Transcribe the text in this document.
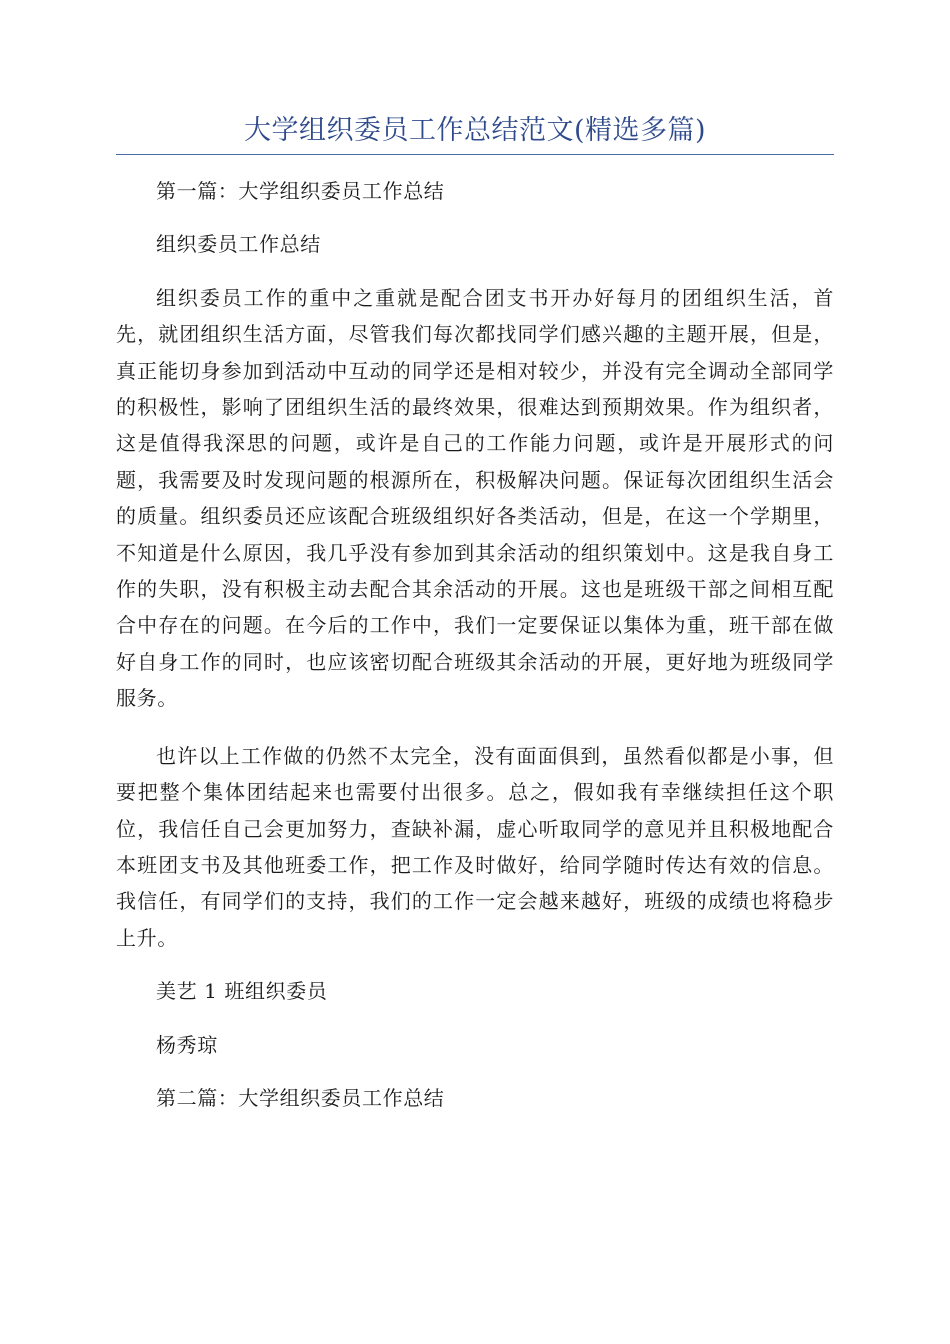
大学组织委员工作总结范文(精选多篇)

第一篇：大学组织委员工作总结

组织委员工作总结

组织委员工作的重中之重就是配合团支书开办好每月的团组织生活，首先，就团组织生活方面，尽管我们每次都找同学们感兴趣的主题开展，但是，真正能切身参加到活动中互动的同学还是相对较少，并没有完全调动全部同学的积极性，影响了团组织生活的最终效果，很难达到预期效果。作为组织者，这是值得我深思的问题，或许是自己的工作能力问题，或许是开展形式的问题，我需要及时发现问题的根源所在，积极解决问题。保证每次团组织生活会的质量。组织委员还应该配合班级组织好各类活动，但是，在这一个学期里，不知道是什么原因，我几乎没有参加到其余活动的组织策划中。这是我自身工作的失职，没有积极主动去配合其余活动的开展。这也是班级干部之间相互配合中存在的问题。在今后的工作中，我们一定要保证以集体为重，班干部在做好自身工作的同时，也应该密切配合班级其余活动的开展，更好地为班级同学服务。

也许以上工作做的仍然不太完全，没有面面俱到，虽然看似都是小事，但要把整个集体团结起来也需要付出很多。总之，假如我有幸继续担任这个职位，我信任自己会更加努力，查缺补漏，虚心听取同学的意见并且积极地配合本班团支书及其他班委工作，把工作及时做好，给同学随时传达有效的信息。我信任，有同学们的支持，我们的工作一定会越来越好，班级的成绩也将稳步上升。

美艺 1 班组织委员

杨秀琼

第二篇：大学组织委员工作总结
